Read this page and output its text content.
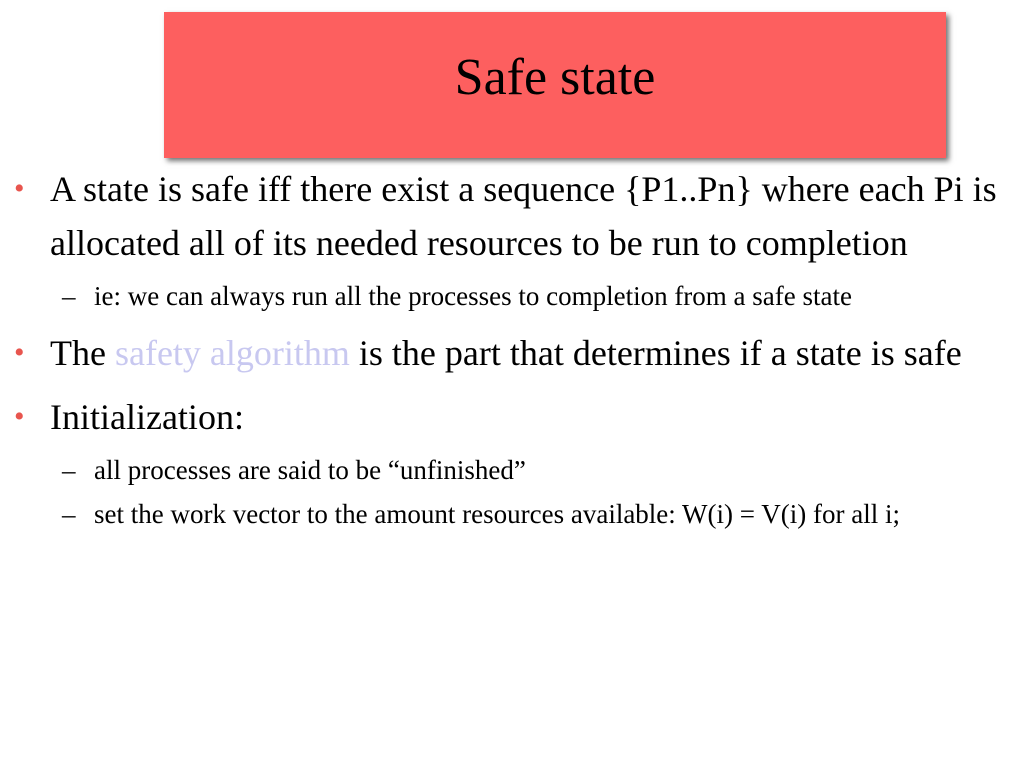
Safe state
• A state is safe iff there exist a sequence {P1..Pn} where each Pi is allocated all of its needed resources to be run to completion
– ie: we can always run all the processes to completion from a safe state
• The safety algorithm is the part that determines if a state is safe
• Initialization:
– all processes are said to be “unfinished”
– set the work vector to the amount resources available: W(i) = V(i) for all i;
